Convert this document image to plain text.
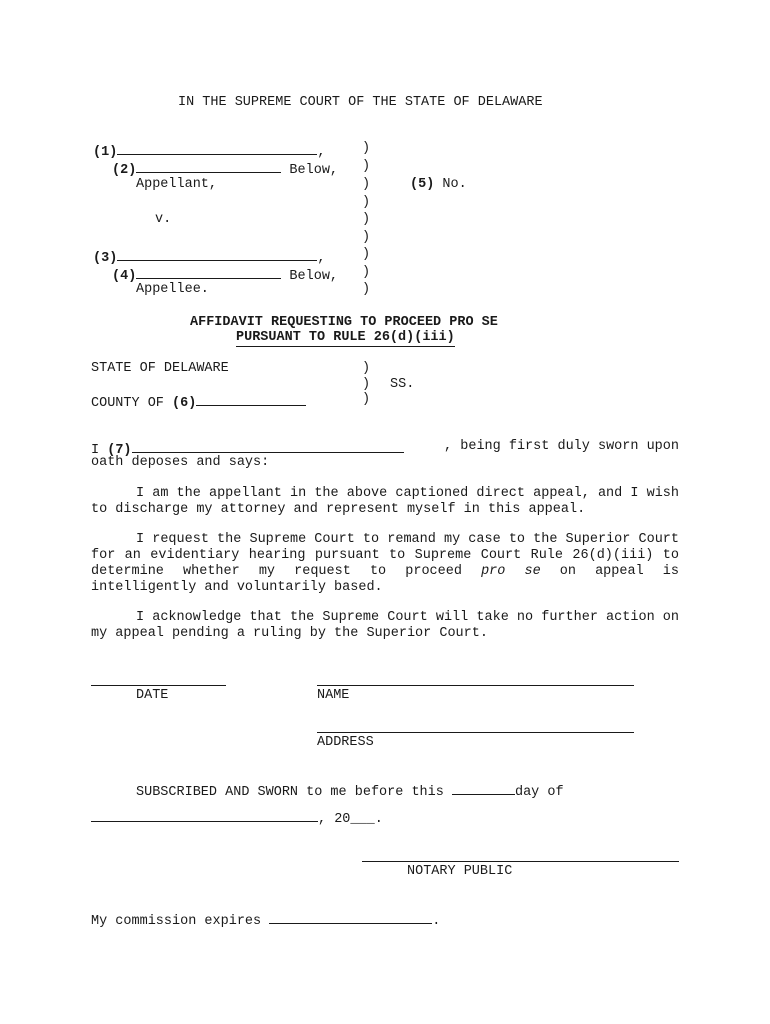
IN THE SUPREME COURT OF THE STATE OF DELAWARE
(1)	,
(2)	Below,
Appellant,
v.
(3)	,
(4)	Below,
Appellee.
)
)
)
)
)
)
)
)
)
(5) No.
AFFIDAVIT REQUESTING TO PROCEED PRO SE
PURSUANT TO RULE 26(d)(iii)
STATE OF DELAWARE	)
) SS.
)
COUNTY OF (6)
I (7)	, being first duly sworn upon
oath deposes and says:
I am the appellant in the above captioned direct appeal, and I wish to discharge my attorney and represent myself in this appeal.
I request the Supreme Court to remand my case to the Superior Court for an evidentiary hearing pursuant to Supreme Court Rule 26(d)(iii) to determine whether my request to proceed pro se on appeal is intelligently and voluntarily based.
I acknowledge that the Supreme Court will take no further action on my appeal pending a ruling by the Superior Court.
DATE	NAME
ADDRESS
SUBSCRIBED AND SWORN to me before this	day of
, 20___.
NOTARY PUBLIC
My commission expires	.
